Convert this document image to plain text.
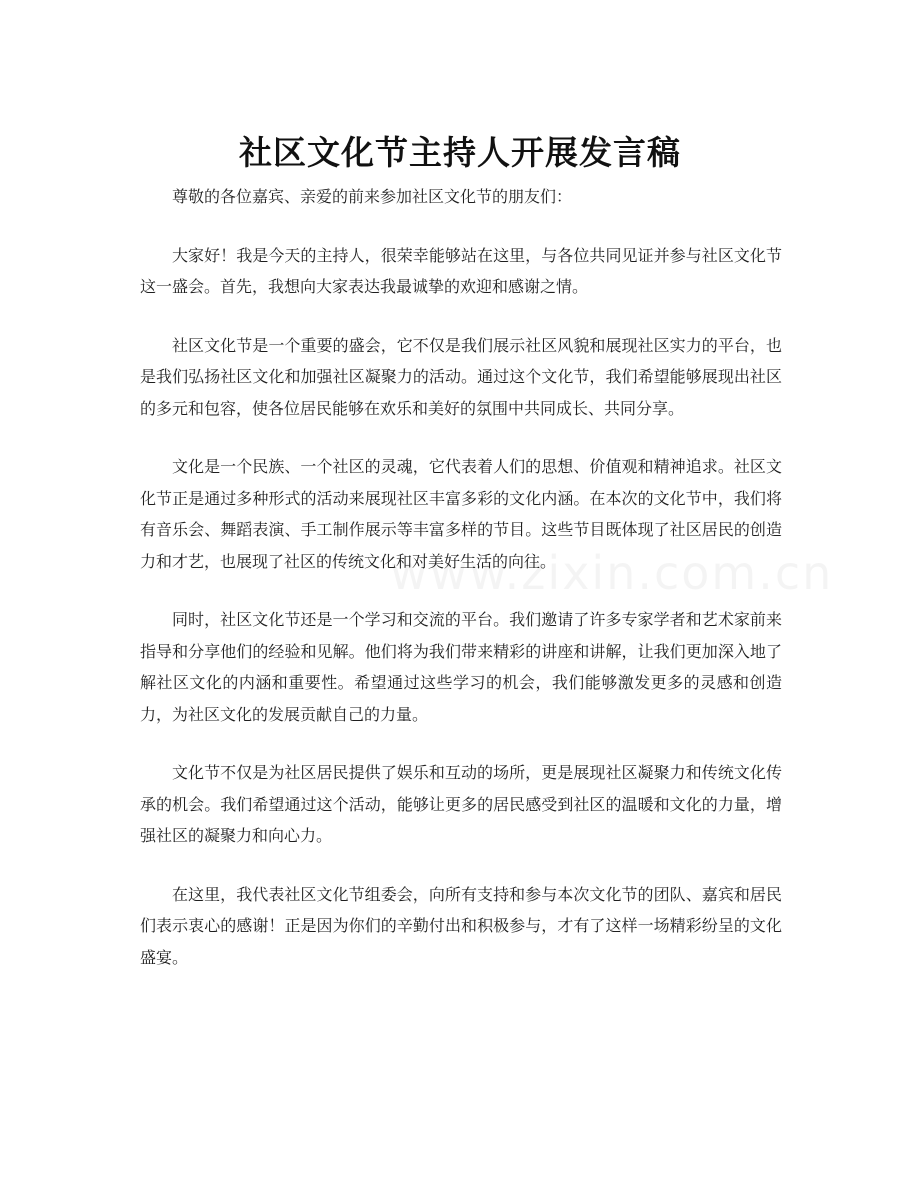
社区文化节主持人开展发言稿

尊敬的各位嘉宾、亲爱的前来参加社区文化节的朋友们：

大家好！我是今天的主持人，很荣幸能够站在这里，与各位共同见证并参与社区文化节这一盛会。首先，我想向大家表达我最诚挚的欢迎和感谢之情。

社区文化节是一个重要的盛会，它不仅是我们展示社区风貌和展现社区实力的平台，也是我们弘扬社区文化和加强社区凝聚力的活动。通过这个文化节，我们希望能够展现出社区的多元和包容，使各位居民能够在欢乐和美好的氛围中共同成长、共同分享。

文化是一个民族、一个社区的灵魂，它代表着人们的思想、价值观和精神追求。社区文化节正是通过多种形式的活动来展现社区丰富多彩的文化内涵。在本次的文化节中，我们将有音乐会、舞蹈表演、手工制作展示等丰富多样的节目。这些节目既体现了社区居民的创造力和才艺，也展现了社区的传统文化和对美好生活的向往。

同时，社区文化节还是一个学习和交流的平台。我们邀请了许多专家学者和艺术家前来指导和分享他们的经验和见解。他们将为我们带来精彩的讲座和讲解，让我们更加深入地了解社区文化的内涵和重要性。希望通过这些学习的机会，我们能够激发更多的灵感和创造力，为社区文化的发展贡献自己的力量。

文化节不仅是为社区居民提供了娱乐和互动的场所，更是展现社区凝聚力和传统文化传承的机会。我们希望通过这个活动，能够让更多的居民感受到社区的温暖和文化的力量，增强社区的凝聚力和向心力。

在这里，我代表社区文化节组委会，向所有支持和参与本次文化节的团队、嘉宾和居民们表示衷心的感谢！正是因为你们的辛勤付出和积极参与，才有了这样一场精彩纷呈的文化盛宴。
